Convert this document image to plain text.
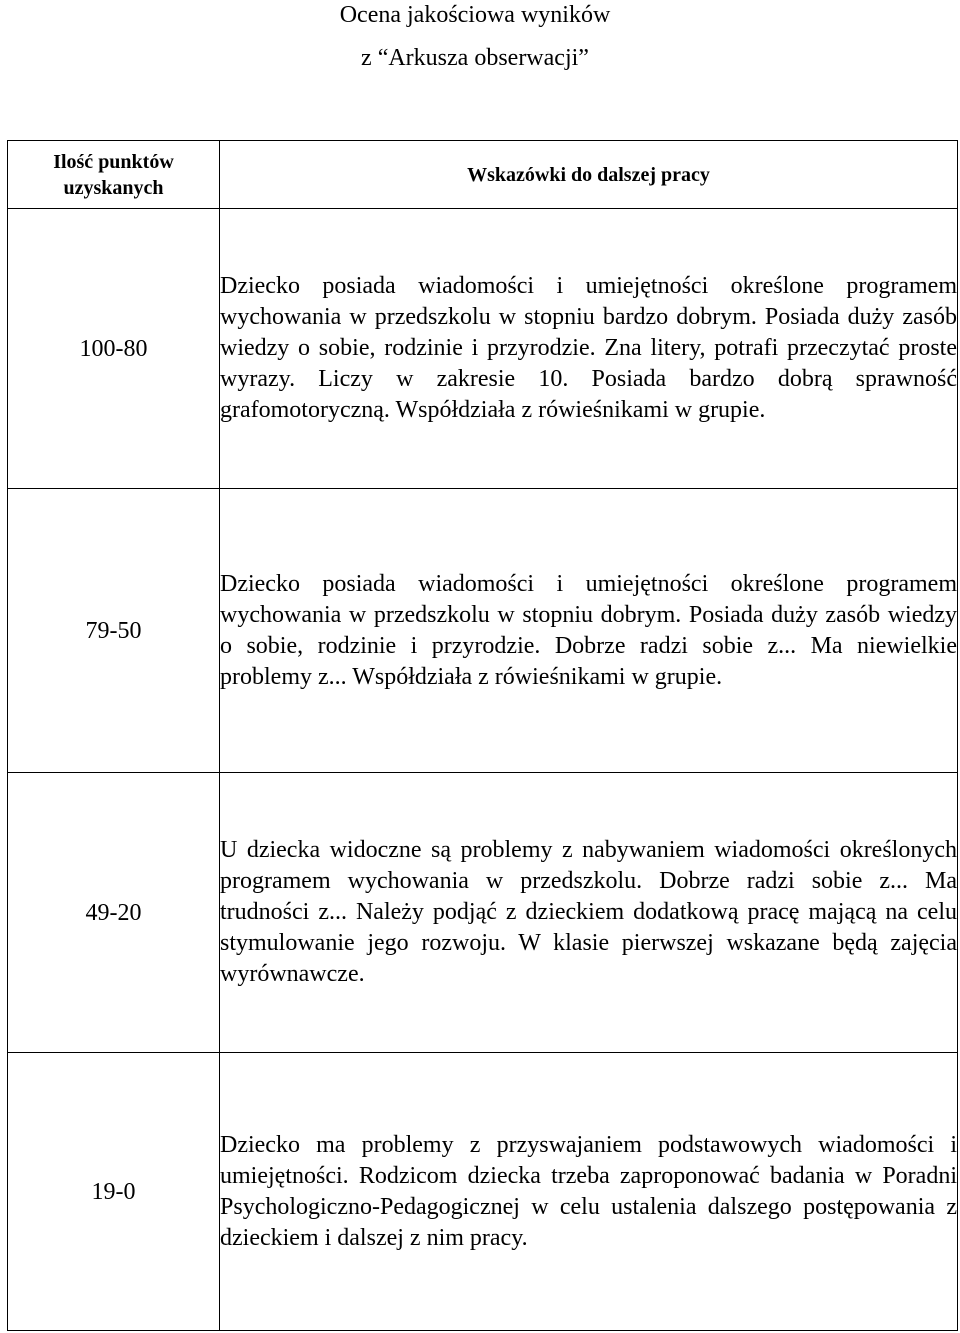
Ocena jakościowa wyników
z “Arkusza obserwacji”
Ilość punktów uzyskanych	Wskazówki do dalszej pracy
100-80	Dziecko posiada wiadomości i umiejętności określone programem wychowania w przedszkolu w stopniu bardzo dobrym. Posiada duży zasób wiedzy o sobie, rodzinie i przyrodzie. Zna litery, potrafi przeczytać proste wyrazy. Liczy w zakresie 10. Posiada bardzo dobrą sprawność grafomotoryczną. Współdziała z rówieśnikami w grupie.
79-50	Dziecko posiada wiadomości i umiejętności określone programem wychowania w przedszkolu w stopniu dobrym. Posiada duży zasób wiedzy o sobie, rodzinie i przyrodzie. Dobrze radzi sobie z... Ma niewielkie problemy z... Współdziała z rówieśnikami w grupie.
49-20	U dziecka widoczne są problemy z nabywaniem wiadomości określonych programem wychowania w przedszkolu. Dobrze radzi sobie z... Ma trudności z... Należy podjąć z dzieckiem dodatkową pracę mającą na celu stymulowanie jego rozwoju. W klasie pierwszej wskazane będą zajęcia wyrównawcze.
19-0	Dziecko ma problemy z przyswajaniem podstawowych wiadomości i umiejętności. Rodzicom dziecka trzeba zaproponować badania w Poradni Psychologiczno-Pedagogicznej w celu ustalenia dalszego postępowania z dzieckiem i dalszej z nim pracy.
